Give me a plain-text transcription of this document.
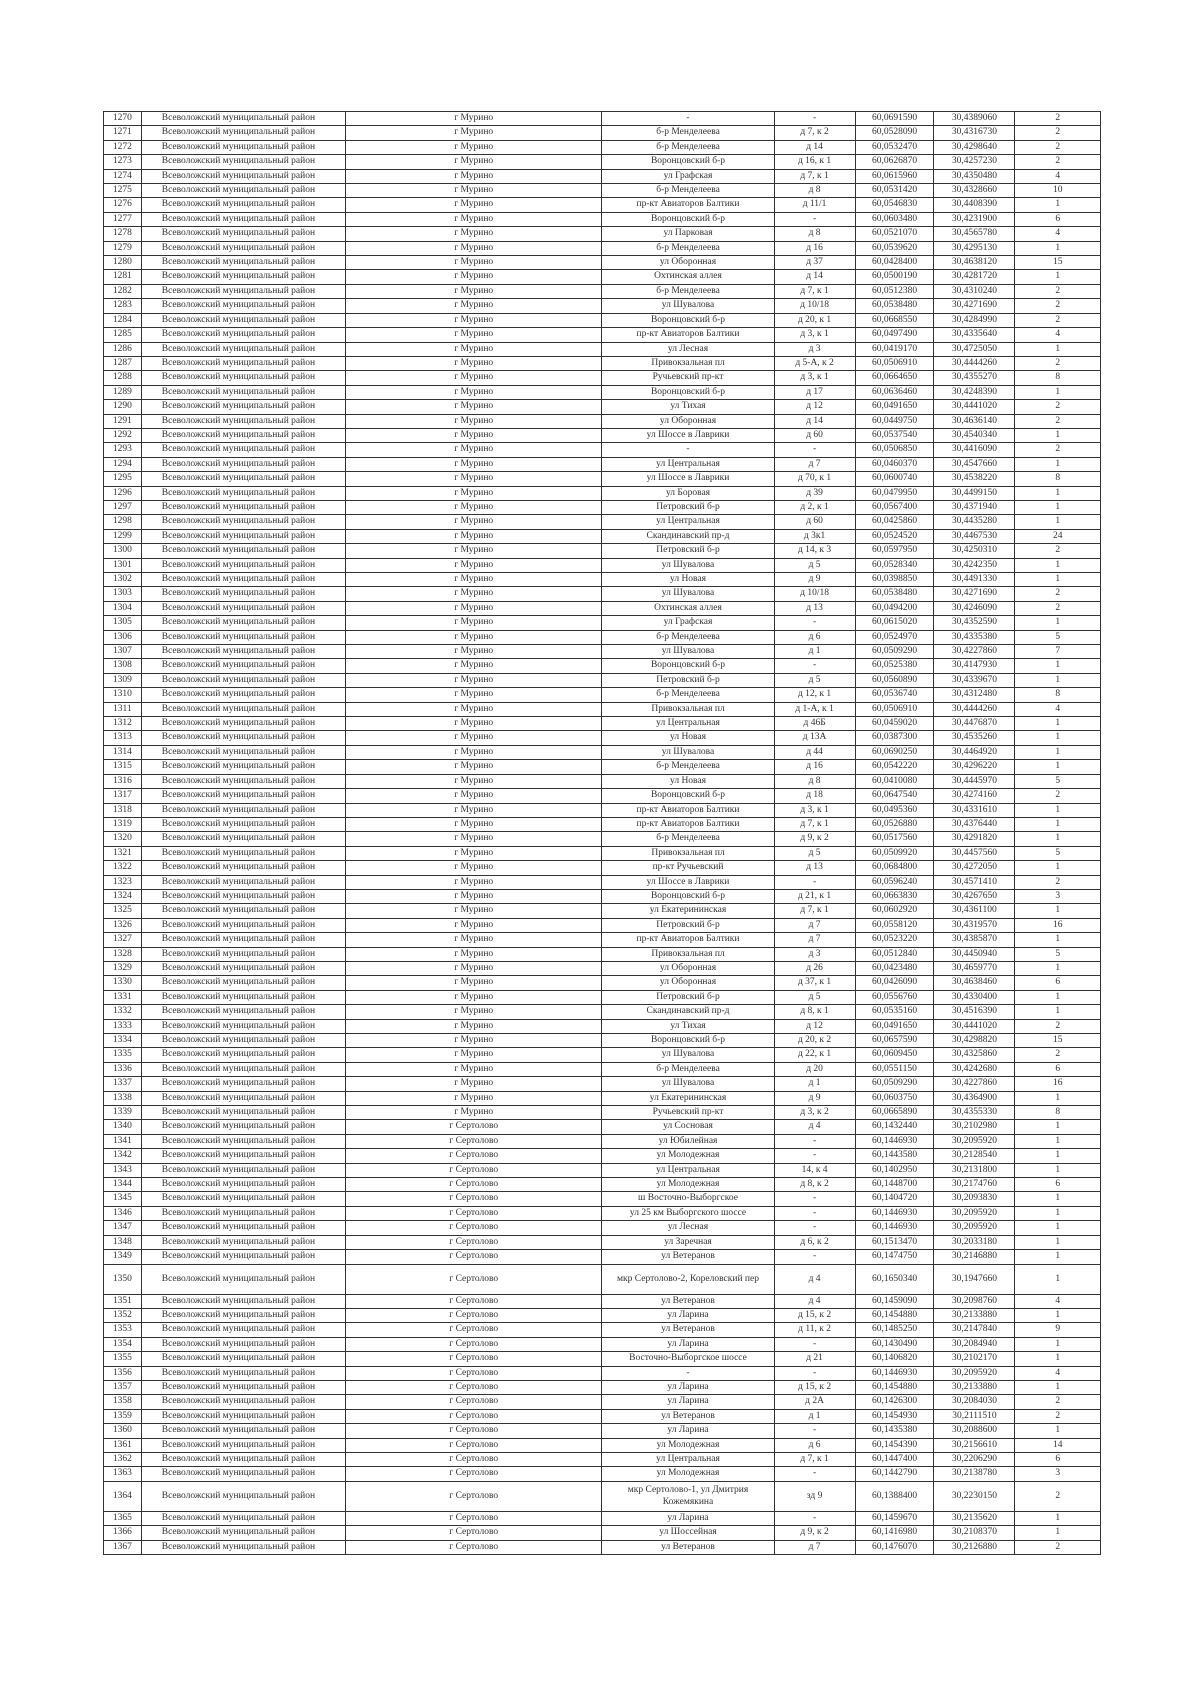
1270	Всеволожский муниципальный район	г Мурино	-	-	60,0691590	30,4389060	2
1271	Всеволожский муниципальный район	г Мурино	б-р Менделеева	д 7, к 2	60,0528090	30,4316730	2
1272	Всеволожский муниципальный район	г Мурино	б-р Менделеева	д 14	60,0532470	30,4298640	2
1273	Всеволожский муниципальный район	г Мурино	Воронцовский б-р	д 16, к 1	60,0626870	30,4257230	2
1274	Всеволожский муниципальный район	г Мурино	ул Графская	д 7, к 1	60,0615960	30,4350480	4
1275	Всеволожский муниципальный район	г Мурино	б-р Менделеева	д 8	60,0531420	30,4328660	10
1276	Всеволожский муниципальный район	г Мурино	пр-кт Авиаторов Балтики	д 11/1	60,0546830	30,4408390	1
1277	Всеволожский муниципальный район	г Мурино	Воронцовский б-р	-	60,0603480	30,4231900	6
1278	Всеволожский муниципальный район	г Мурино	ул Парковая	д 8	60,0521070	30,4565780	4
1279	Всеволожский муниципальный район	г Мурино	б-р Менделеева	д 16	60,0539620	30,4295130	1
1280	Всеволожский муниципальный район	г Мурино	ул Оборонная	д 37	60,0428400	30,4638120	15
1281	Всеволожский муниципальный район	г Мурино	Охтинская аллея	д 14	60,0500190	30,4281720	1
1282	Всеволожский муниципальный район	г Мурино	б-р Менделеева	д 7, к 1	60,0512380	30,4310240	2
1283	Всеволожский муниципальный район	г Мурино	ул Шувалова	д 10/18	60,0538480	30,4271690	2
1284	Всеволожский муниципальный район	г Мурино	Воронцовский б-р	д 20, к 1	60,0668550	30,4284990	2
1285	Всеволожский муниципальный район	г Мурино	пр-кт Авиаторов Балтики	д 3, к 1	60,0497490	30,4335640	4
1286	Всеволожский муниципальный район	г Мурино	ул Лесная	д 3	60,0419170	30,4725050	1
1287	Всеволожский муниципальный район	г Мурино	Привокзальная пл	д 5-А, к 2	60,0506910	30,4444260	2
1288	Всеволожский муниципальный район	г Мурино	Ручьевский пр-кт	д 3, к 1	60,0664650	30,4355270	8
1289	Всеволожский муниципальный район	г Мурино	Воронцовский б-р	д 17	60,0636460	30,4248390	1
1290	Всеволожский муниципальный район	г Мурино	ул Тихая	д 12	60,0491650	30,4441020	2
1291	Всеволожский муниципальный район	г Мурино	ул Оборонная	д 14	60,0449750	30,4636140	2
1292	Всеволожский муниципальный район	г Мурино	ул Шоссе в Лаврики	д 60	60,0537540	30,4540340	1
1293	Всеволожский муниципальный район	г Мурино	-	-	60,0506850	30,4416090	2
1294	Всеволожский муниципальный район	г Мурино	ул Центральная	д 7	60,0460370	30,4547660	1
1295	Всеволожский муниципальный район	г Мурино	ул Шоссе в Лаврики	д 70, к 1	60,0600740	30,4538220	8
1296	Всеволожский муниципальный район	г Мурино	ул Боровая	д 39	60,0479950	30,4499150	1
1297	Всеволожский муниципальный район	г Мурино	Петровский б-р	д 2, к 1	60,0567400	30,4371940	1
1298	Всеволожский муниципальный район	г Мурино	ул Центральная	д 60	60,0425860	30,4435280	1
1299	Всеволожский муниципальный район	г Мурино	Скандинавский пр-д	д 3к1	60,0524520	30,4467530	24
1300	Всеволожский муниципальный район	г Мурино	Петровский б-р	д 14, к 3	60,0597950	30,4250310	2
1301	Всеволожский муниципальный район	г Мурино	ул Шувалова	д 5	60,0528340	30,4242350	1
1302	Всеволожский муниципальный район	г Мурино	ул Новая	д 9	60,0398850	30,4491330	1
1303	Всеволожский муниципальный район	г Мурино	ул Шувалова	д 10/18	60,0538480	30,4271690	2
1304	Всеволожский муниципальный район	г Мурино	Охтинская аллея	д 13	60,0494200	30,4246090	2
1305	Всеволожский муниципальный район	г Мурино	ул Графская	-	60,0615020	30,4352590	1
1306	Всеволожский муниципальный район	г Мурино	б-р Менделеева	д 6	60,0524970	30,4335380	5
1307	Всеволожский муниципальный район	г Мурино	ул Шувалова	д 1	60,0509290	30,4227860	7
1308	Всеволожский муниципальный район	г Мурино	Воронцовский б-р	-	60,0525380	30,4147930	1
1309	Всеволожский муниципальный район	г Мурино	Петровский б-р	д 5	60,0560890	30,4339670	1
1310	Всеволожский муниципальный район	г Мурино	б-р Менделеева	д 12, к 1	60,0536740	30,4312480	8
1311	Всеволожский муниципальный район	г Мурино	Привокзальная пл	д 1-А, к 1	60,0506910	30,4444260	4
1312	Всеволожский муниципальный район	г Мурино	ул Центральная	д 46Б	60,0459020	30,4476870	1
1313	Всеволожский муниципальный район	г Мурино	ул Новая	д 13А	60,0387300	30,4535260	1
1314	Всеволожский муниципальный район	г Мурино	ул Шувалова	д 44	60,0690250	30,4464920	1
1315	Всеволожский муниципальный район	г Мурино	б-р Менделеева	д 16	60,0542220	30,4296220	1
1316	Всеволожский муниципальный район	г Мурино	ул Новая	д 8	60,0410080	30,4445970	5
1317	Всеволожский муниципальный район	г Мурино	Воронцовский б-р	д 18	60,0647540	30,4274160	2
1318	Всеволожский муниципальный район	г Мурино	пр-кт Авиаторов Балтики	д 3, к 1	60,0495360	30,4331610	1
1319	Всеволожский муниципальный район	г Мурино	пр-кт Авиаторов Балтики	д 7, к 1	60,0526880	30,4376440	1
1320	Всеволожский муниципальный район	г Мурино	б-р Менделеева	д 9, к 2	60,0517560	30,4291820	1
1321	Всеволожский муниципальный район	г Мурино	Привокзальная пл	д 5	60,0509920	30,4457560	5
1322	Всеволожский муниципальный район	г Мурино	пр-кт Ручьевский	д 13	60,0684800	30,4272050	1
1323	Всеволожский муниципальный район	г Мурино	ул Шоссе в Лаврики	-	60,0596240	30,4571410	2
1324	Всеволожский муниципальный район	г Мурино	Воронцовский б-р	д 21, к 1	60,0663830	30,4267650	3
1325	Всеволожский муниципальный район	г Мурино	ул Екатерининская	д 7, к 1	60,0602920	30,4361100	1
1326	Всеволожский муниципальный район	г Мурино	Петровский б-р	д 7	60,0558120	30,4319570	16
1327	Всеволожский муниципальный район	г Мурино	пр-кт Авиаторов Балтики	д 7	60,0523220	30,4385870	1
1328	Всеволожский муниципальный район	г Мурино	Привокзальная пл	д 3	60,0512840	30,4450940	5
1329	Всеволожский муниципальный район	г Мурино	ул Оборонная	д 26	60,0423480	30,4659770	1
1330	Всеволожский муниципальный район	г Мурино	ул Оборонная	д 37, к 1	60,0426090	30,4638460	6
1331	Всеволожский муниципальный район	г Мурино	Петровский б-р	д 5	60,0556760	30,4330400	1
1332	Всеволожский муниципальный район	г Мурино	Скандинавский пр-д	д 8, к 1	60,0535160	30,4516390	1
1333	Всеволожский муниципальный район	г Мурино	ул Тихая	д 12	60,0491650	30,4441020	2
1334	Всеволожский муниципальный район	г Мурино	Воронцовский б-р	д 20, к 2	60,0657590	30,4298820	15
1335	Всеволожский муниципальный район	г Мурино	ул Шувалова	д 22, к 1	60,0609450	30,4325860	2
1336	Всеволожский муниципальный район	г Мурино	б-р Менделеева	д 20	60,0551150	30,4242680	6
1337	Всеволожский муниципальный район	г Мурино	ул Шувалова	д 1	60,0509290	30,4227860	16
1338	Всеволожский муниципальный район	г Мурино	ул Екатерининская	д 9	60,0603750	30,4364900	1
1339	Всеволожский муниципальный район	г Мурино	Ручьевский пр-кт	д 3, к 2	60,0665890	30,4355330	8
1340	Всеволожский муниципальный район	г Сертолово	ул Сосновая	д 4	60,1432440	30,2102980	1
1341	Всеволожский муниципальный район	г Сертолово	ул Юбилейная	-	60,1446930	30,2095920	1
1342	Всеволожский муниципальный район	г Сертолово	ул Молодежная	-	60,1443580	30,2128540	1
1343	Всеволожский муниципальный район	г Сертолово	ул Центральная	14, к 4	60,1402950	30,2131800	1
1344	Всеволожский муниципальный район	г Сертолово	ул Молодежная	д 8, к 2	60,1448700	30,2174760	6
1345	Всеволожский муниципальный район	г Сертолово	ш Восточно-Выборгское	-	60,1404720	30,2093830	1
1346	Всеволожский муниципальный район	г Сертолово	ул 25 км Выборгского шоссе	-	60,1446930	30,2095920	1
1347	Всеволожский муниципальный район	г Сертолово	ул Лесная	-	60,1446930	30,2095920	1
1348	Всеволожский муниципальный район	г Сертолово	ул Заречная	д 6, к 2	60,1513470	30,2033180	1
1349	Всеволожский муниципальный район	г Сертолово	ул Ветеранов	-	60,1474750	30,2146880	1
1350	Всеволожский муниципальный район	г Сертолово	мкр Сертолово-2, Кореловский пер	д 4	60,1650340	30,1947660	1
1351	Всеволожский муниципальный район	г Сертолово	ул Ветеранов	д 4	60,1459090	30,2098760	4
1352	Всеволожский муниципальный район	г Сертолово	ул Ларина	д 15, к 2	60,1454880	30,2133880	1
1353	Всеволожский муниципальный район	г Сертолово	ул Ветеранов	д 11, к 2	60,1485250	30,2147840	9
1354	Всеволожский муниципальный район	г Сертолово	ул Ларина	-	60,1430490	30,2084940	1
1355	Всеволожский муниципальный район	г Сертолово	Восточно-Выборгское шоссе	д 21	60,1406820	30,2102170	1
1356	Всеволожский муниципальный район	г Сертолово	-	-	60,1446930	30,2095920	4
1357	Всеволожский муниципальный район	г Сертолово	ул Ларина	д 15, к 2	60,1454880	30,2133880	1
1358	Всеволожский муниципальный район	г Сертолово	ул Ларина	д 2А	60,1426300	30,2084030	2
1359	Всеволожский муниципальный район	г Сертолово	ул Ветеранов	д 1	60,1454930	30,2111510	2
1360	Всеволожский муниципальный район	г Сертолово	ул Ларина	-	60,1435380	30,2088600	1
1361	Всеволожский муниципальный район	г Сертолово	ул Молодежная	д 6	60,1454390	30,2156610	14
1362	Всеволожский муниципальный район	г Сертолово	ул Центральная	д 7, к 1	60,1447400	30,2206290	6
1363	Всеволожский муниципальный район	г Сертолово	ул Молодежная	-	60,1442790	30,2138780	3
1364	Всеволожский муниципальный район	г Сертолово	мкр Сертолово-1, ул Дмитрия Кожемякина	зд 9	60,1388400	30,2230150	2
1365	Всеволожский муниципальный район	г Сертолово	ул Ларина	-	60,1459670	30,2135620	1
1366	Всеволожский муниципальный район	г Сертолово	ул Шоссейная	д 9, к 2	60,1416980	30,2108370	1
1367	Всеволожский муниципальный район	г Сертолово	ул Ветеранов	д 7	60,1476070	30,2126880	2
